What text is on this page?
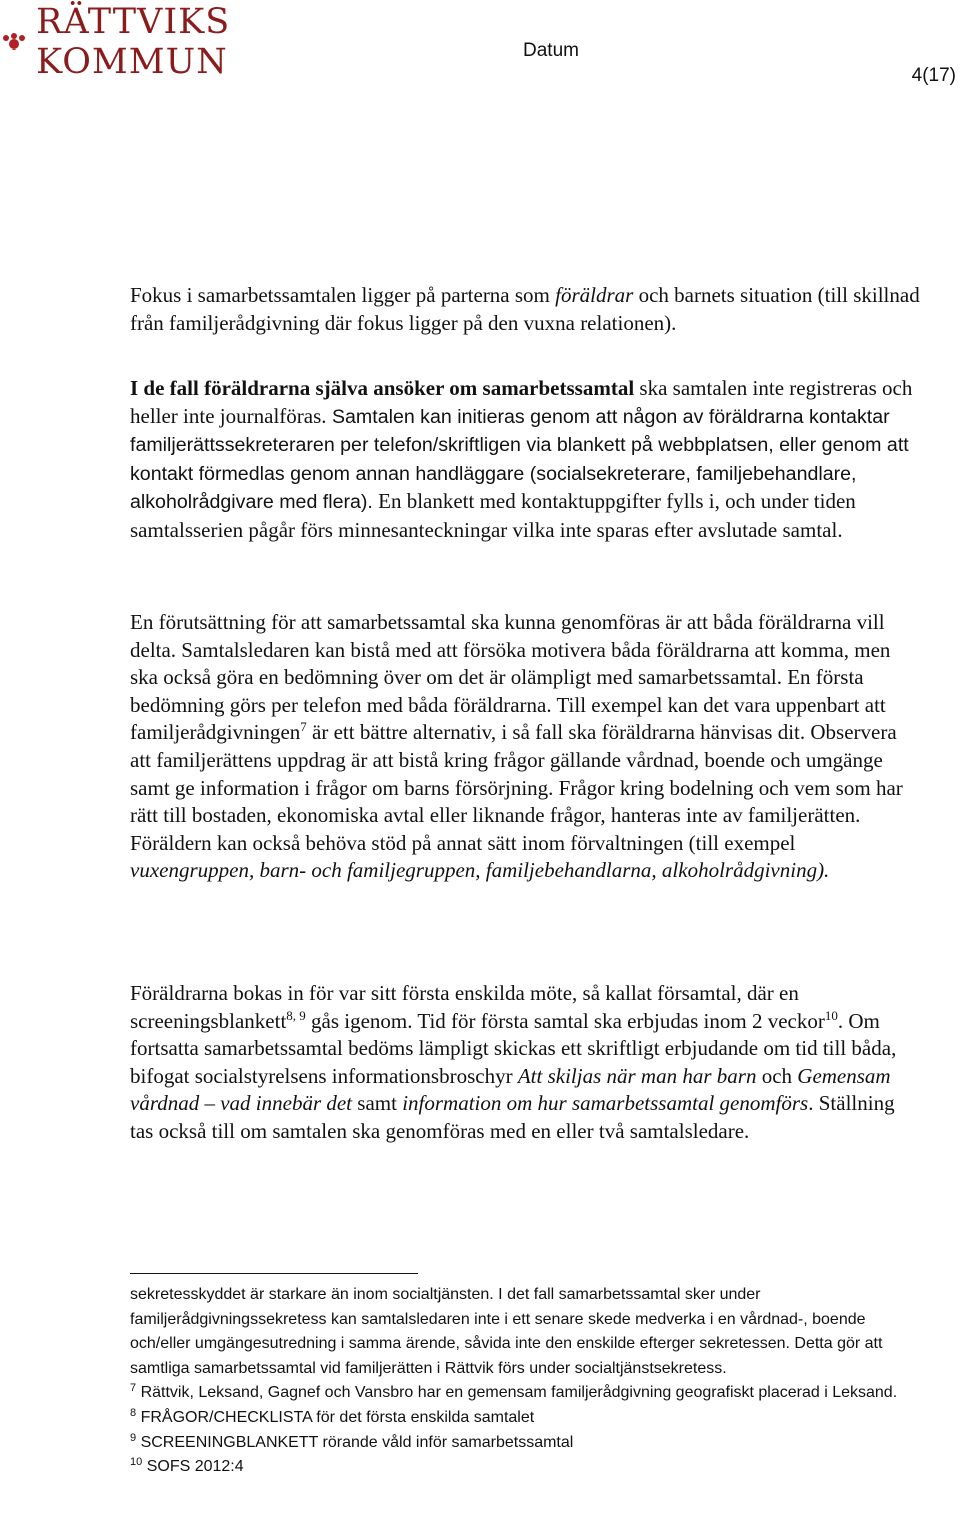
RÄTTVIKS
KOMMUN	Datum
4(17)

Fokus i samarbetssamtalen ligger på parterna som föräldrar och barnets situation (till skillnad från familjerådgivning där fokus ligger på den vuxna relationen).

I de fall föräldrarna själva ansöker om samarbetssamtal ska samtalen inte registreras och heller inte journalföras. Samtalen kan initieras genom att någon av föräldrarna kontaktar familjerättssekreteraren per telefon/skriftligen via blankett på webbplatsen, eller genom att kontakt förmedlas genom annan handläggare (socialsekreterare, familjebehandlare, alkoholrådgivare med flera). En blankett med kontaktuppgifter fylls i, och under tiden samtalsserien pågår förs minnesanteckningar vilka inte sparas efter avslutade samtal.

En förutsättning för att samarbetssamtal ska kunna genomföras är att båda föräldrarna vill delta. Samtalsledaren kan bistå med att försöka motivera båda föräldrarna att komma, men ska också göra en bedömning över om det är olämpligt med samarbetssamtal. En första bedömning görs per telefon med båda föräldrarna. Till exempel kan det vara uppenbart att familjerådgivningen$^7$ är ett bättre alternativ, i så fall ska föräldrarna hänvisas dit. Observera att familjerättens uppdrag är att bistå kring frågor gällande vårdnad, boende och umgänge samt ge information i frågor om barns försörjning. Frågor kring bodelning och vem som har rätt till bostaden, ekonomiska avtal eller liknande frågor, hanteras inte av familjerätten. Föräldern kan också behöva stöd på annat sätt inom förvaltningen (till exempel vuxengruppen, barn- och familjegruppen, familjebehandlarna, alkoholrådgivning).

Föräldrarna bokas in för var sitt första enskilda möte, så kallat församtal, där en screeningsblankett$^{8, 9}$ gås igenom. Tid för första samtal ska erbjudas inom 2 veckor$^{10}$. Om fortsatta samarbetssamtal bedöms lämpligt skickas ett skriftligt erbjudande om tid till båda, bifogat socialstyrelsens informationsbroschyr Att skiljas när man har barn och Gemensam vårdnad – vad innebär det samt information om hur samarbetssamtal genomförs. Ställning tas också till om samtalen ska genomföras med en eller två samtalsledare.

sekretesskyddet är starkare än inom socialtjänsten. I det fall samarbetssamtal sker under familjerådgivningssekretess kan samtalsledaren inte i ett senare skede medverka i en vårdnad-, boende och/eller umgängesutredning i samma ärende, såvida inte den enskilde efterger sekretessen. Detta gör att samtliga samarbetssamtal vid familjerätten i Rättvik förs under socialtjänstsekretess.

$^7$ Rättvik, Leksand, Gagnef och Vansbro har en gemensam familjerådgivning geografiskt placerad i Leksand.

$^8$ FRÅGOR/CHECKLISTA för det första enskilda samtalet

$^9$ SCREENINGBLANKETT rörande våld inför samarbetssamtal

$^{10}$ SOFS 2012:4
